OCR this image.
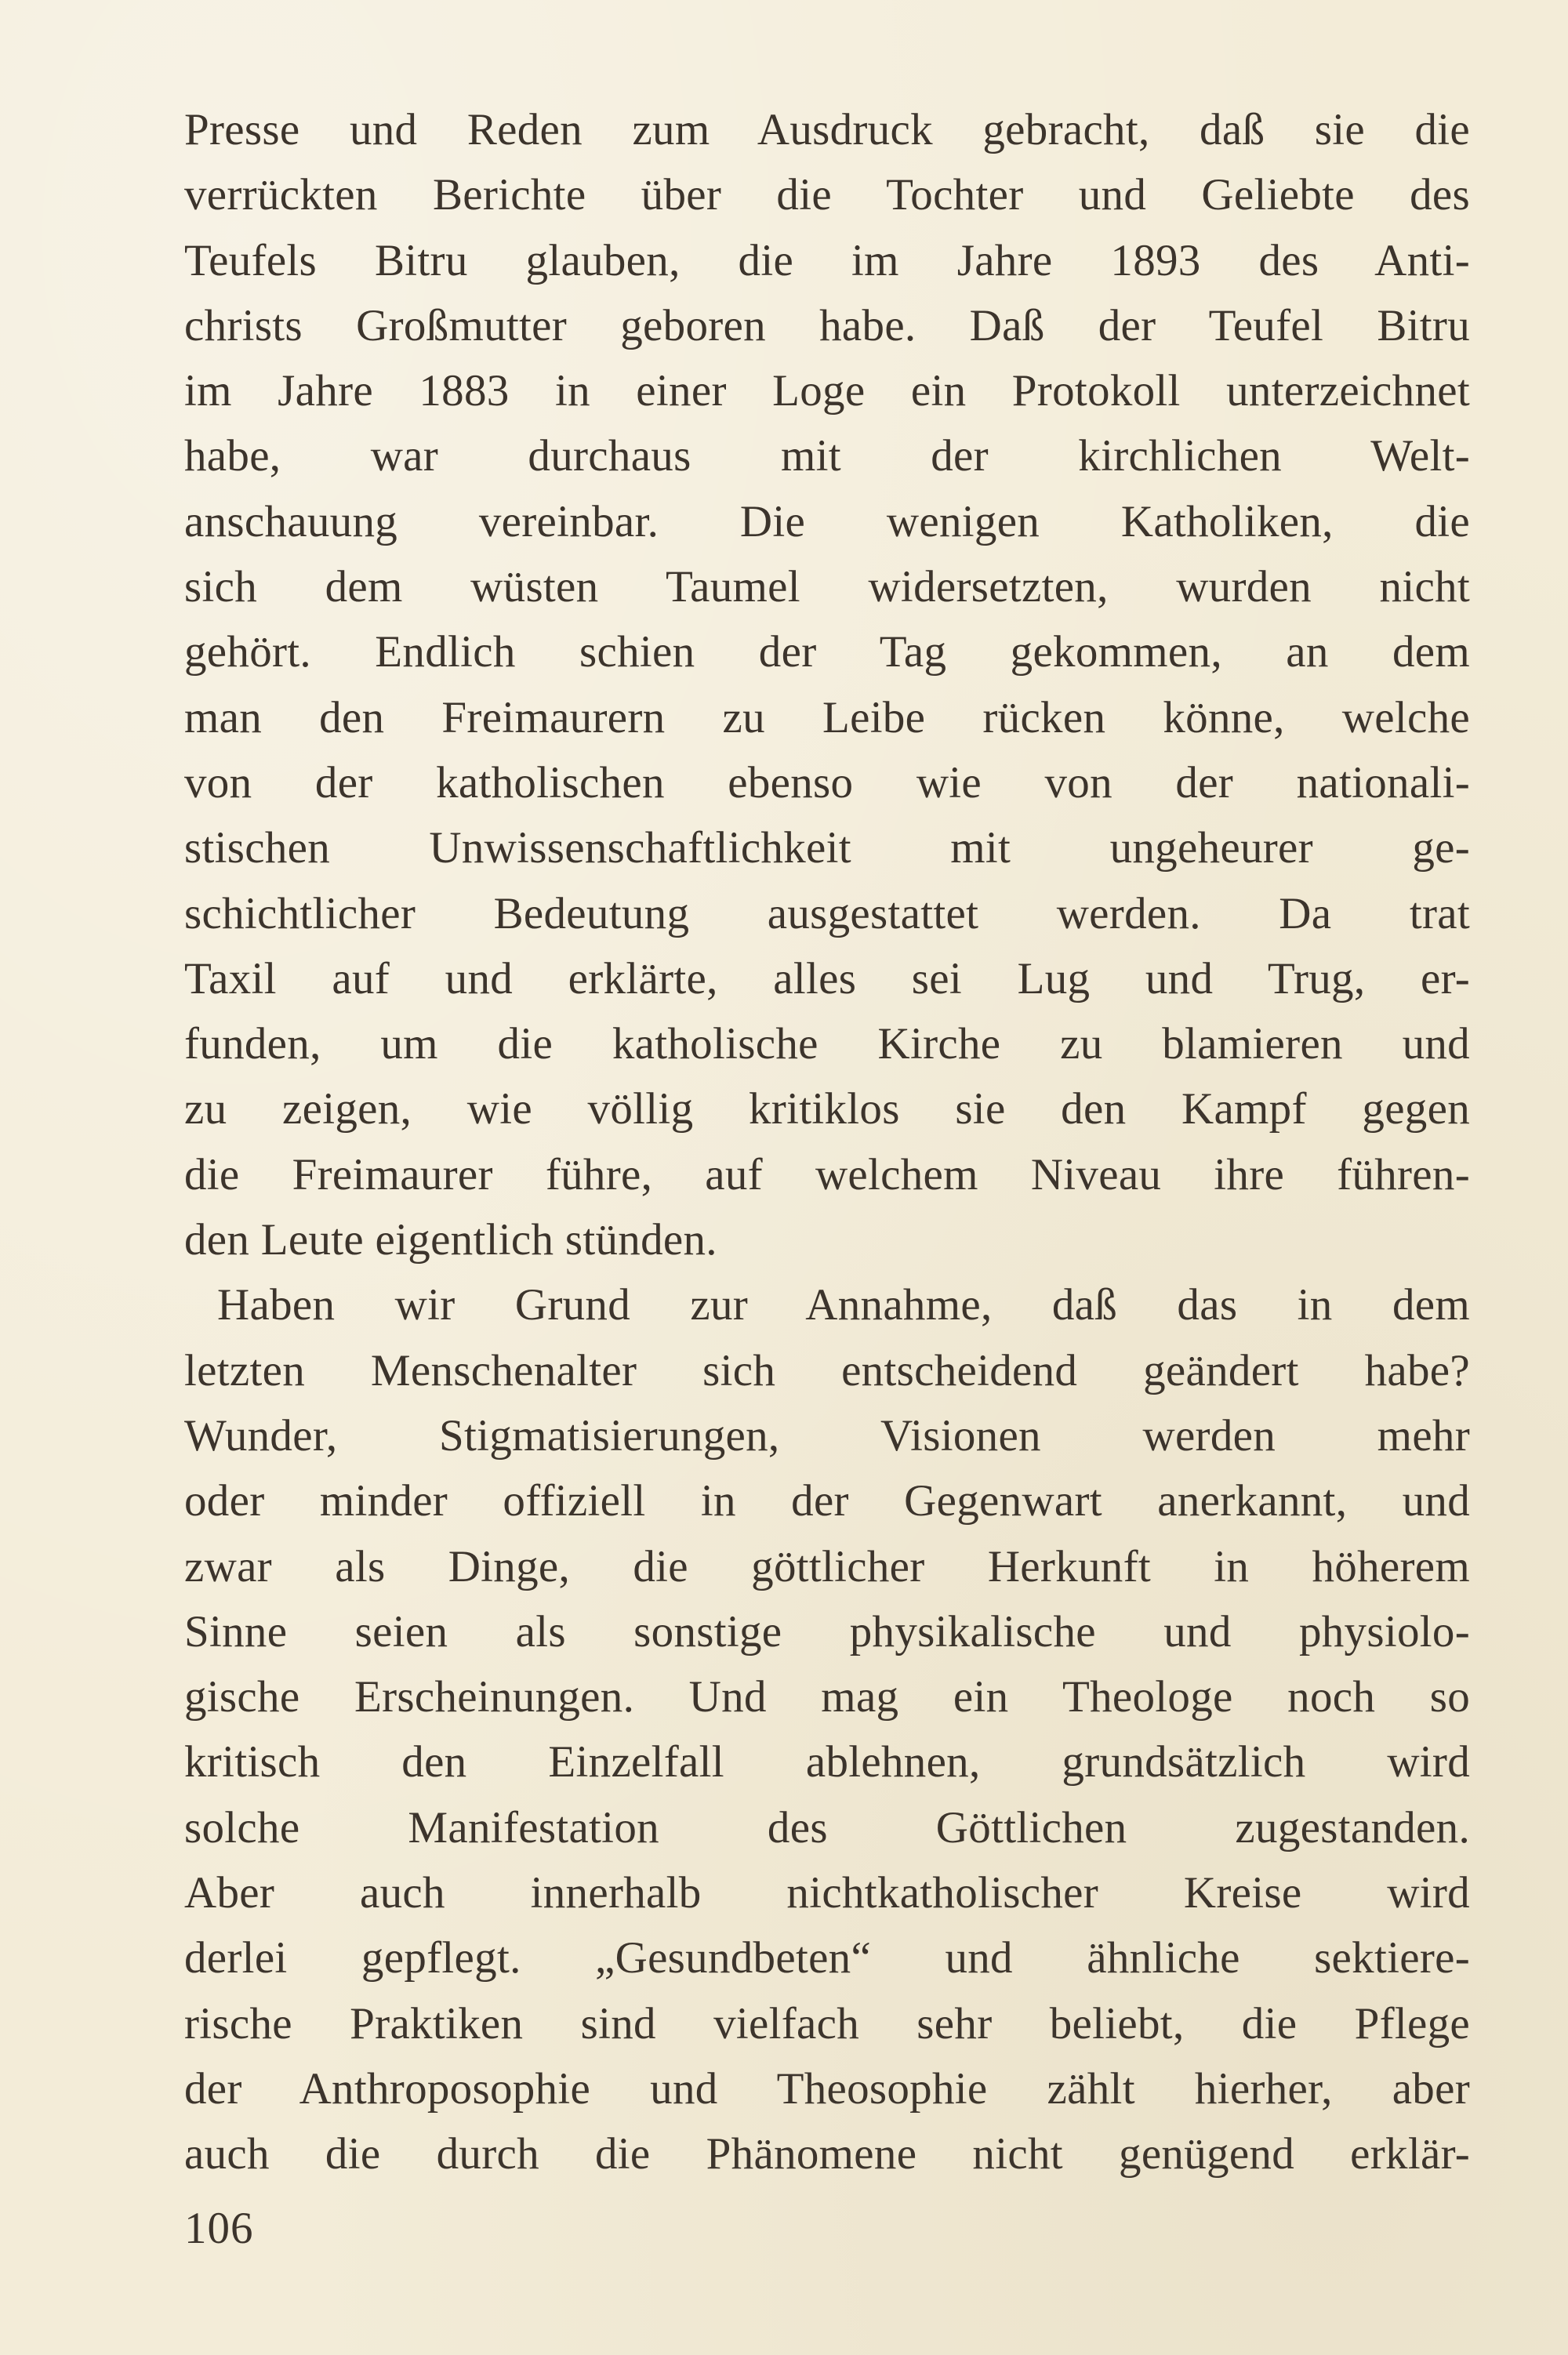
Presse und Reden zum Ausdruck gebracht, daß sie die
verrückten Berichte über die Tochter und Geliebte des
Teufels Bitru glauben, die im Jahre 1893 des Anti-
christs Großmutter geboren habe. Daß der Teufel Bitru
im Jahre 1883 in einer Loge ein Protokoll unterzeichnet
habe, war durchaus mit der kirchlichen Welt-
anschauung vereinbar. Die wenigen Katholiken, die
sich dem wüsten Taumel widersetzten, wurden nicht
gehört. Endlich schien der Tag gekommen, an dem
man den Freimaurern zu Leibe rücken könne, welche
von der katholischen ebenso wie von der nationali-
stischen Unwissenschaftlichkeit mit ungeheurer ge-
schichtlicher Bedeutung ausgestattet werden. Da trat
Taxil auf und erklärte, alles sei Lug und Trug, er-
funden, um die katholische Kirche zu blamieren und
zu zeigen, wie völlig kritiklos sie den Kampf gegen
die Freimaurer führe, auf welchem Niveau ihre führen-
den Leute eigentlich stünden.
Haben wir Grund zur Annahme, daß das in dem
letzten Menschenalter sich entscheidend geändert habe?
Wunder, Stigmatisierungen, Visionen werden mehr
oder minder offiziell in der Gegenwart anerkannt, und
zwar als Dinge, die göttlicher Herkunft in höherem
Sinne seien als sonstige physikalische und physiolo-
gische Erscheinungen. Und mag ein Theologe noch so
kritisch den Einzelfall ablehnen, grundsätzlich wird
solche Manifestation des Göttlichen zugestanden.
Aber auch innerhalb nichtkatholischer Kreise wird
derlei gepflegt. „Gesundbeten“ und ähnliche sektiere-
rische Praktiken sind vielfach sehr beliebt, die Pflege
der Anthroposophie und Theosophie zählt hierher, aber
auch die durch die Phänomene nicht genügend erklär-
106
